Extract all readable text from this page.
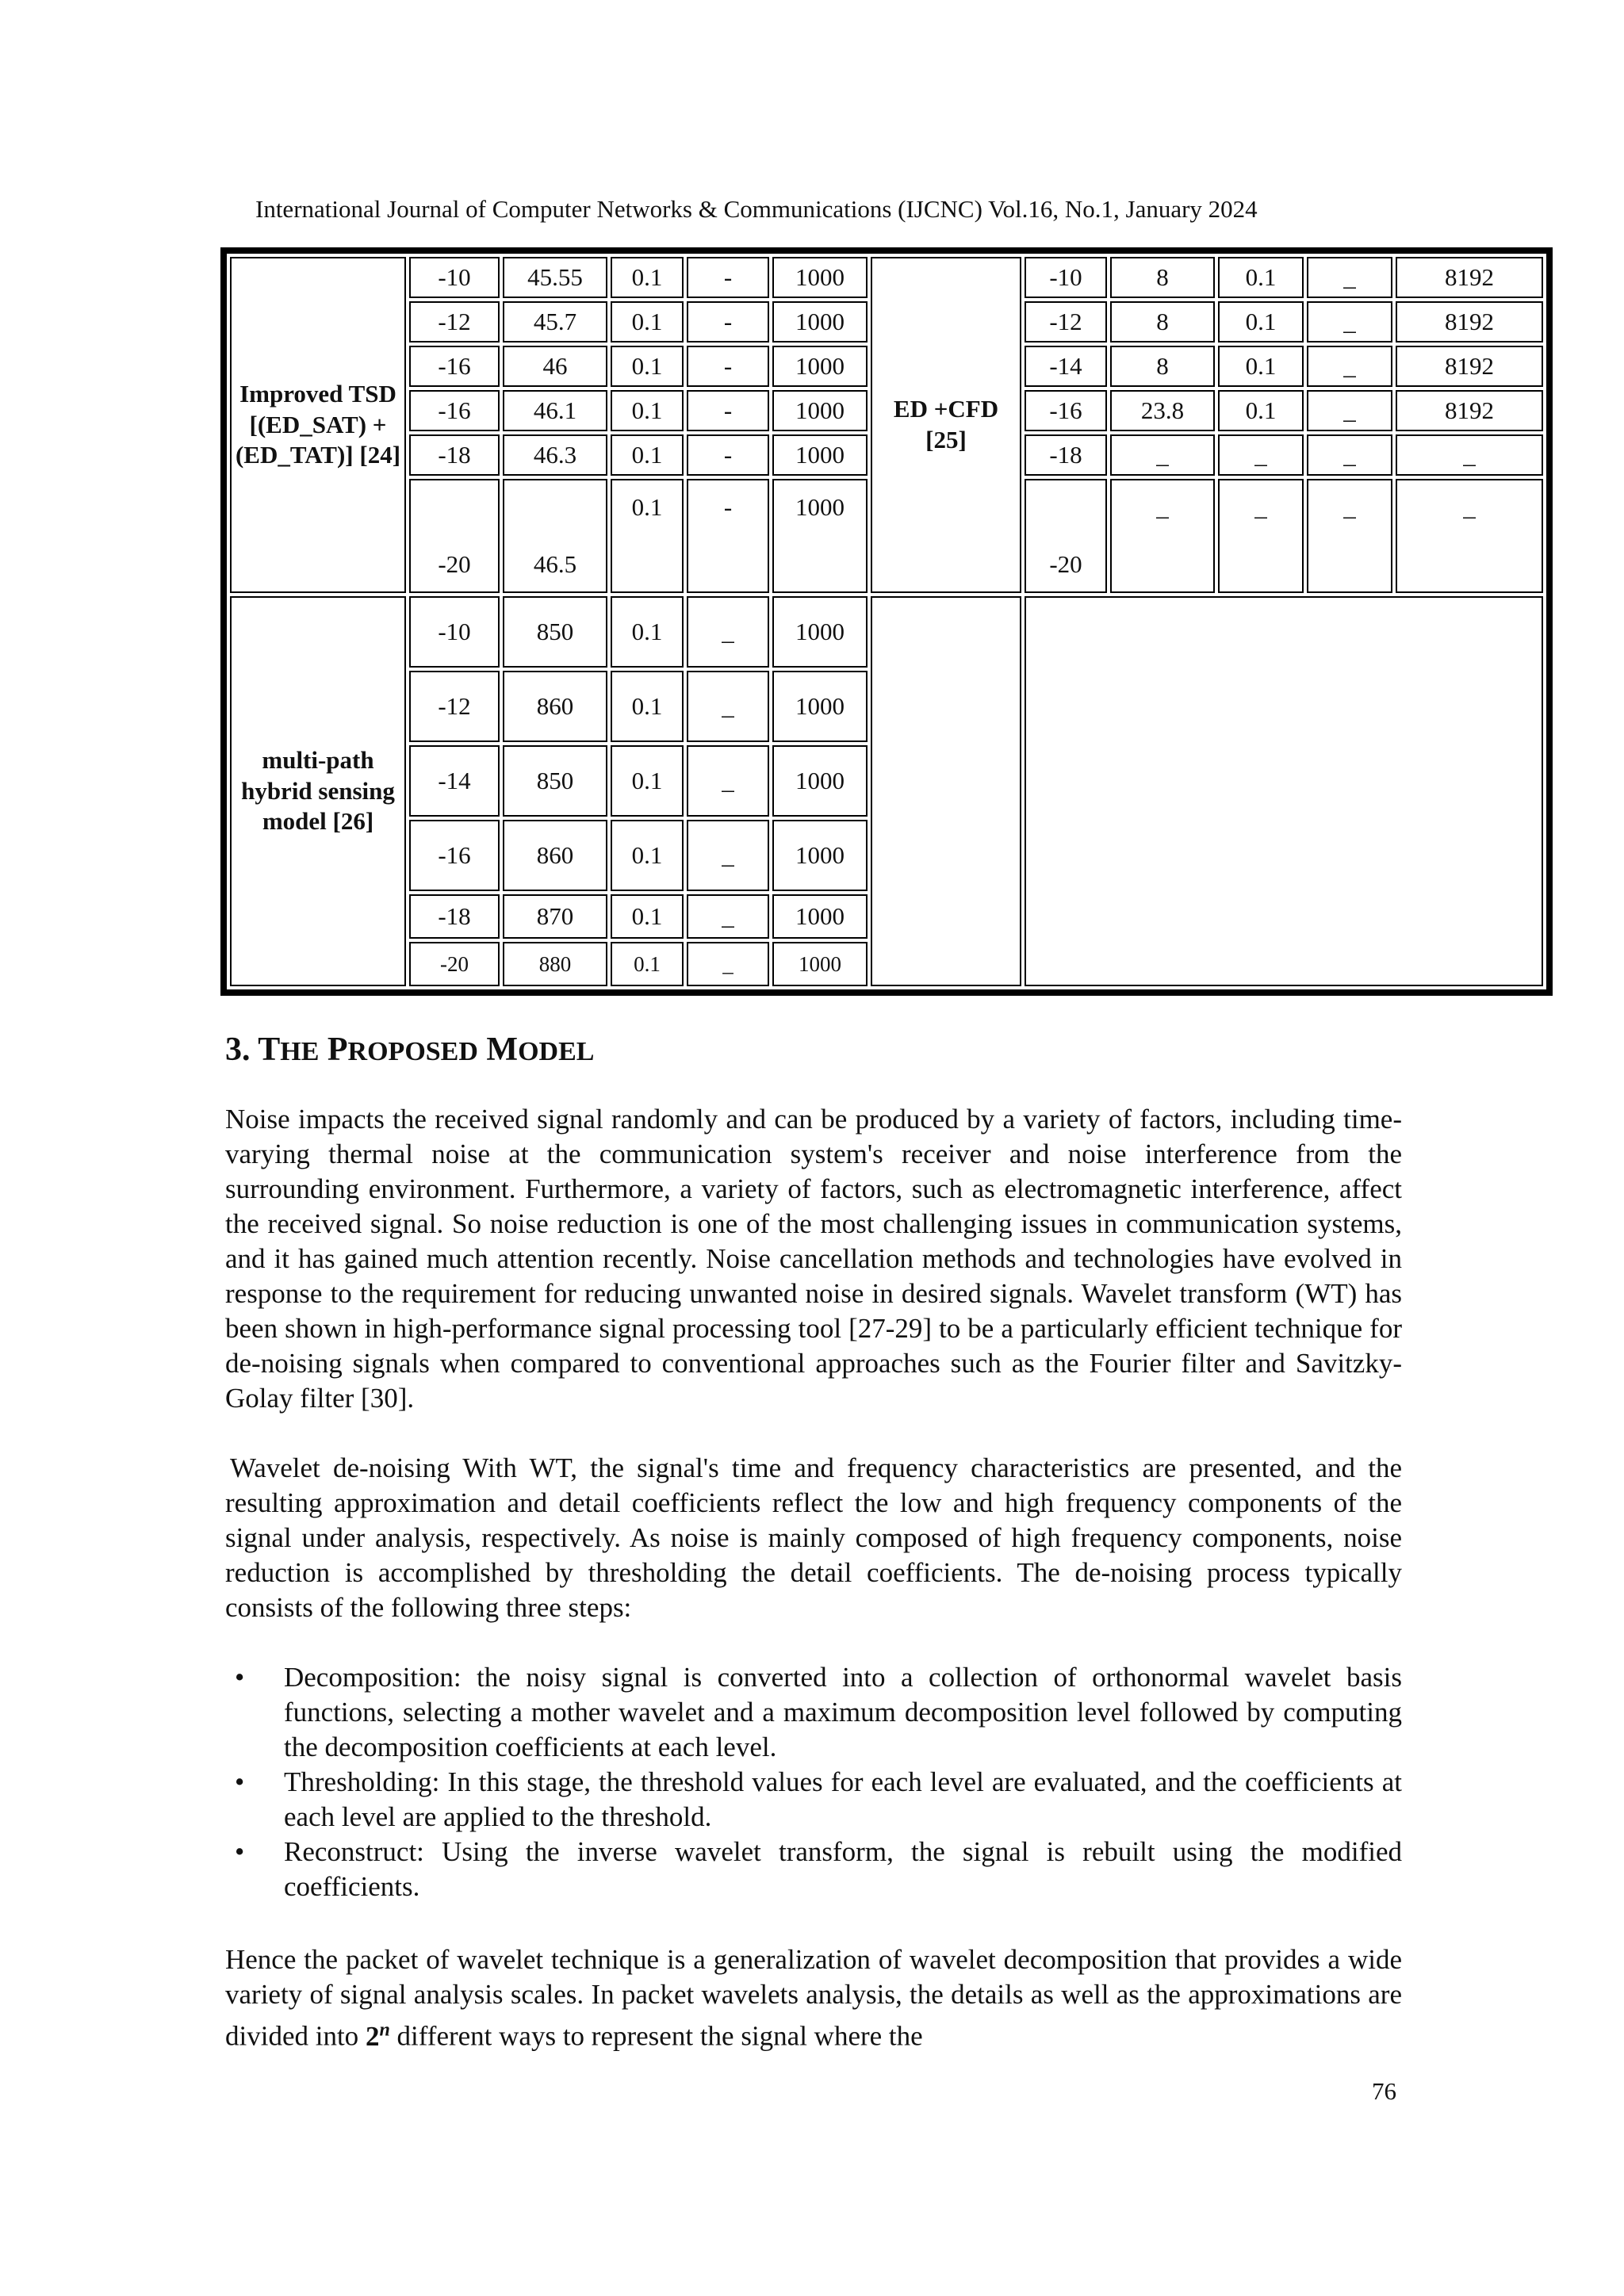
International Journal of Computer Networks & Communications (IJCNC) Vol.16, No.1, January 2024
Improved TSD [(ED_SAT) + (ED_TAT)] [24]	-10	45.55	0.1	-	1000	ED +CFD [25]	-10	8	0.1	_	8192
	-12	45.7	0.1	-	1000		-12	8	0.1	_	8192
	-16	46	0.1	-	1000		-14	8	0.1	_	8192
	-16	46.1	0.1	-	1000		-16	23.8	0.1	_	8192
	-18	46.3	0.1	-	1000		-18	_	_	_	_
	-20	46.5	0.1	-	1000		-20	_	_	_	_
multi-path hybrid sensing model [26]	-10	850	0.1	_	1000						
	-12	860	0.1	_	1000						
	-14	850	0.1	_	1000						
	-16	860	0.1	_	1000						
	-18	870	0.1	_	1000						
	-20	880	0.1	_	1000						
3. THE PROPOSED MODEL

Noise impacts the received signal randomly and can be produced by a variety of factors, including time-varying thermal noise at the communication system's receiver and noise interference from the surrounding environment. Furthermore, a variety of factors, such as electromagnetic interference, affect the received signal. So noise reduction is one of the most challenging issues in communication systems, and it has gained much attention recently. Noise cancellation methods and technologies have evolved in response to the requirement for reducing unwanted noise in desired signals. Wavelet transform (WT) has been shown in high-performance signal processing tool [27-29] to be a particularly efficient technique for de-noising signals when compared to conventional approaches such as the Fourier filter and Savitzky-Golay filter [30].

Wavelet de-noising With WT, the signal's time and frequency characteristics are presented, and the resulting approximation and detail coefficients reflect the low and high frequency components of the signal under analysis, respectively. As noise is mainly composed of high frequency components, noise reduction is accomplished by thresholding the detail coefficients. The de-noising process typically consists of the following three steps:

• Decomposition: the noisy signal is converted into a collection of orthonormal wavelet basis functions, selecting a mother wavelet and a maximum decomposition level followed by computing the decomposition coefficients at each level.
• Thresholding: In this stage, the threshold values for each level are evaluated, and the coefficients at each level are applied to the threshold.
• Reconstruct: Using the inverse wavelet transform, the signal is rebuilt using the modified coefficients.

Hence the packet of wavelet technique is a generalization of wavelet decomposition that provides a wide variety of signal analysis scales. In packet wavelets analysis, the details as well as the approximations are divided into 2$^n$ different ways to represent the signal where the

76
